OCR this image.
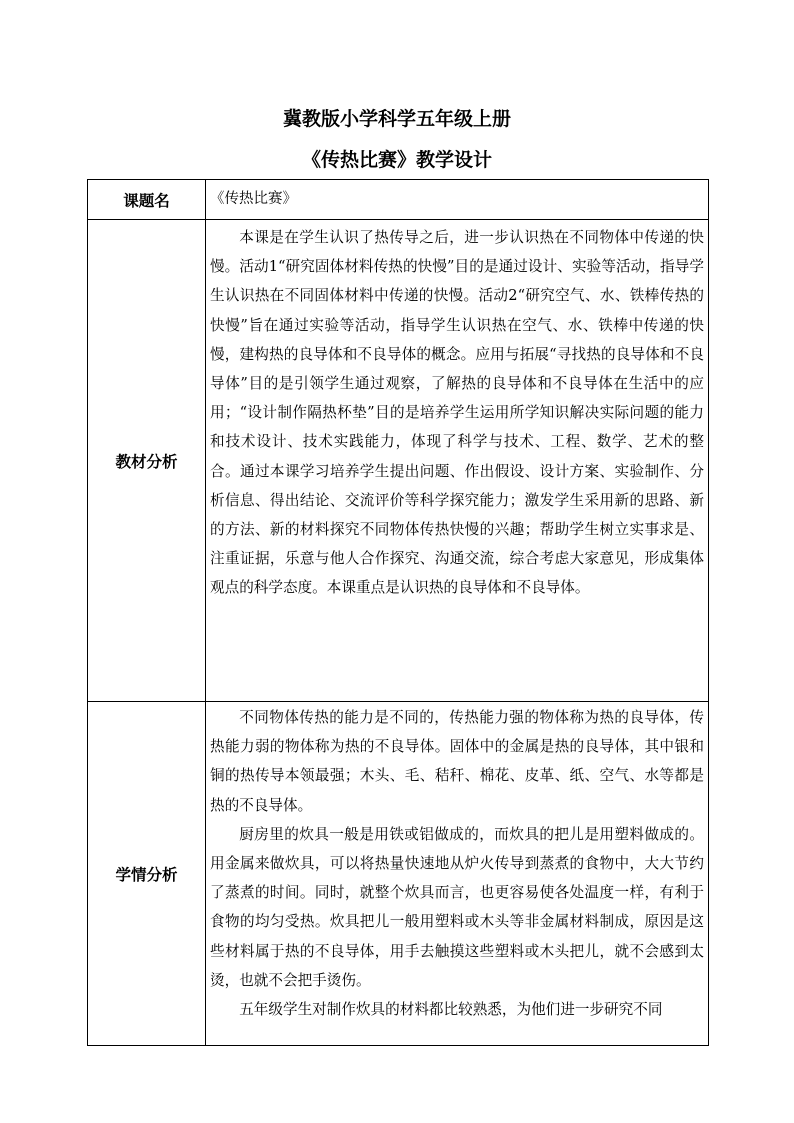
冀教版小学科学五年级上册
《传热比赛》教学设计
课题名	《传热比赛》
教材分析	本课是在学生认识了热传导之后，进一步认识热在不同物体中传递的快慢。活动1“研究固体材料传热的快慢”目的是通过设计、实验等活动，指导学生认识热在不同固体材料中传递的快慢。活动2“研究空气、水、铁棒传热的快慢”旨在通过实验等活动，指导学生认识热在空气、水、铁棒中传递的快慢，建构热的良导体和不良导体的概念。应用与拓展“寻找热的良导体和不良导体”目的是引领学生通过观察，了解热的良导体和不良导体在生活中的应用；“设计制作隔热杯垫”目的是培养学生运用所学知识解决实际问题的能力和技术设计、技术实践能力，体现了科学与技术、工程、数学、艺术的整合。通过本课学习培养学生提出问题、作出假设、设计方案、实验制作、分析信息、得出结论、交流评价等科学探究能力；激发学生采用新的思路、新的方法、新的材料探究不同物体传热快慢的兴趣；帮助学生树立实事求是、注重证据，乐意与他人合作探究、沟通交流，综合考虑大家意见，形成集体观点的科学态度。本课重点是认识热的良导体和不良导体。

学情分析	不同物体传热的能力是不同的，传热能力强的物体称为热的良导体，传热能力弱的物体称为热的不良导体。固体中的金属是热的良导体，其中银和铜的热传导本领最强；木头、毛、秸秆、棉花、皮革、纸、空气、水等都是热的不良导体。

厨房里的炊具一般是用铁或铝做成的，而炊具的把儿是用塑料做成的。用金属来做炊具，可以将热量快速地从炉火传导到蒸煮的食物中，大大节约了蒸煮的时间。同时，就整个炊具而言，也更容易使各处温度一样，有利于食物的均匀受热。炊具把儿一般用塑料或木头等非金属材料制成，原因是这些材料属于热的不良导体，用手去触摸这些塑料或木头把儿，就不会感到太烫，也就不会把手烫伤。

五年级学生对制作炊具的材料都比较熟悉，为他们进一步研究不同
